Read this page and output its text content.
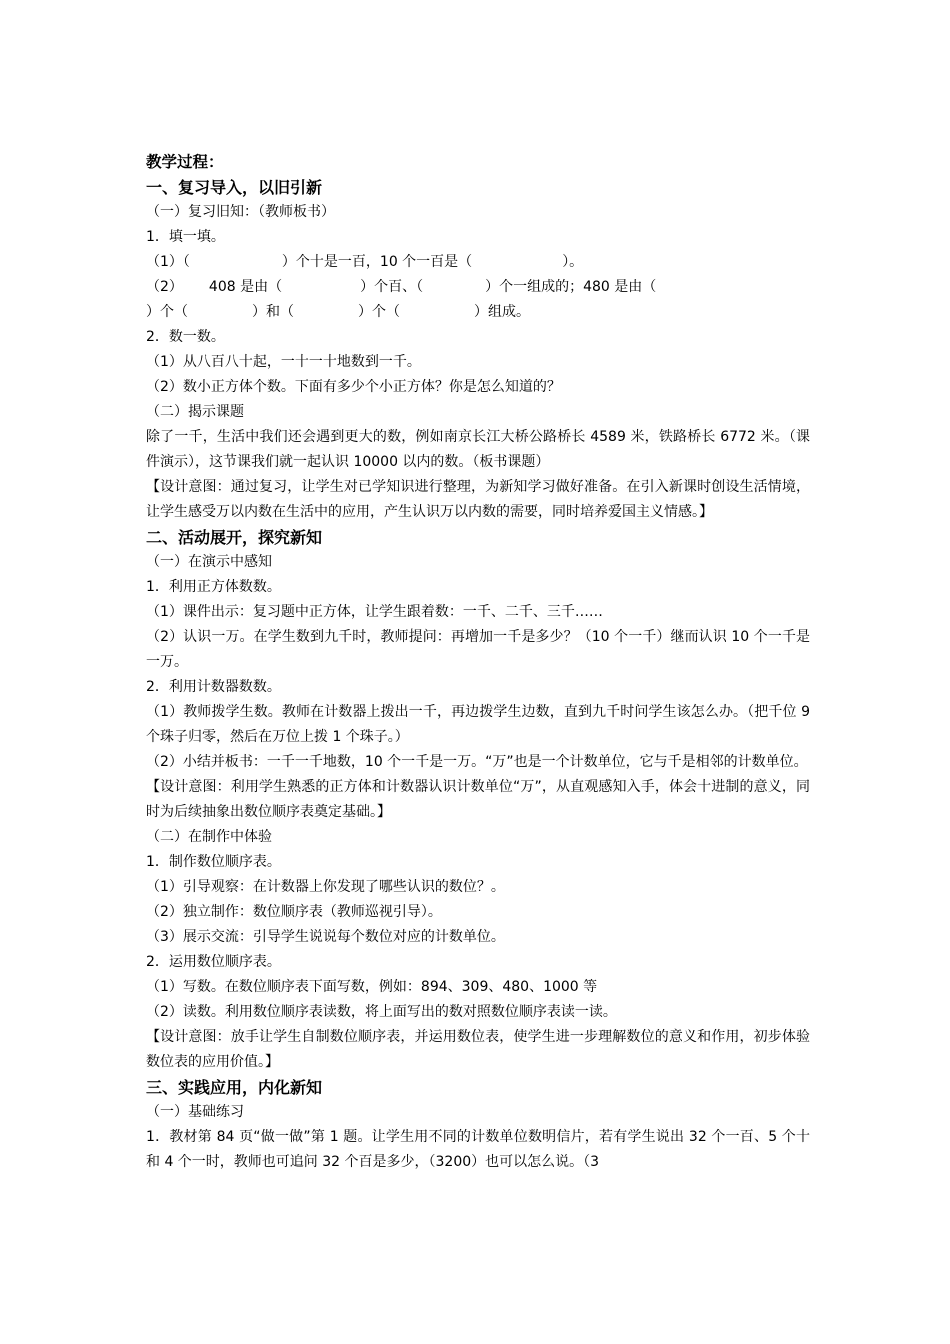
教学过程：
一、复习导入，以旧引新
（一）复习旧知：（教师板书）
1．填一填。
（1）（	）个十是一百，10 个一百是（	）。
（2） 408 是由（	）个百、（	）个一组成的；480 是由（
）个（	）和（	）个（	）组成。
2．数一数。
（1）从八百八十起，一十一十地数到一千。
（2）数小正方体个数。下面有多少个小正方体？你是怎么知道的？
（二）揭示课题
除了一千，生活中我们还会遇到更大的数，例如南京长江大桥公路桥长 4589 米，铁路桥长 6772 米。（课件演示），这节课我们就一起认识 10000 以内的数。（板书课题）
【设计意图：通过复习，让学生对已学知识进行整理，为新知学习做好准备。在引入新课时创设生活情境，让学生感受万以内数在生活中的应用，产生认识万以内数的需要，同时培养爱国主义情感。】
二、活动展开，探究新知
（一）在演示中感知
1．利用正方体数数。
（1）课件出示：复习题中正方体，让学生跟着数：一千、二千、三千……
（2）认识一万。在学生数到九千时，教师提问：再增加一千是多少？（10 个一千）继而认识 10 个一千是一万。
2．利用计数器数数。
（1）教师拨学生数。教师在计数器上拨出一千，再边拨学生边数，直到九千时问学生该怎么办。（把千位 9 个珠子归零，然后在万位上拨 1 个珠子。）
（2）小结并板书：一千一千地数，10 个一千是一万。“万”也是一个计数单位，它与千是相邻的计数单位。
【设计意图：利用学生熟悉的正方体和计数器认识计数单位“万”，从直观感知入手，体会十进制的意义，同时为后续抽象出数位顺序表奠定基础。】
（二）在制作中体验
1．制作数位顺序表。
（1）引导观察：在计数器上你发现了哪些认识的数位？。
（2）独立制作：数位顺序表（教师巡视引导）。
（3）展示交流：引导学生说说每个数位对应的计数单位。
2．运用数位顺序表。
（1）写数。在数位顺序表下面写数，例如：894、309、480、1000 等
（2）读数。利用数位顺序表读数，将上面写出的数对照数位顺序表读一读。
【设计意图：放手让学生自制数位顺序表，并运用数位表，使学生进一步理解数位的意义和作用，初步体验数位表的应用价值。】
三、实践应用，内化新知
（一）基础练习
1．教材第 84 页“做一做”第 1 题。让学生用不同的计数单位数明信片，若有学生说出 32 个一百、5 个十和 4 个一时，教师也可追问 32 个百是多少，（3200）也可以怎么说。（3
